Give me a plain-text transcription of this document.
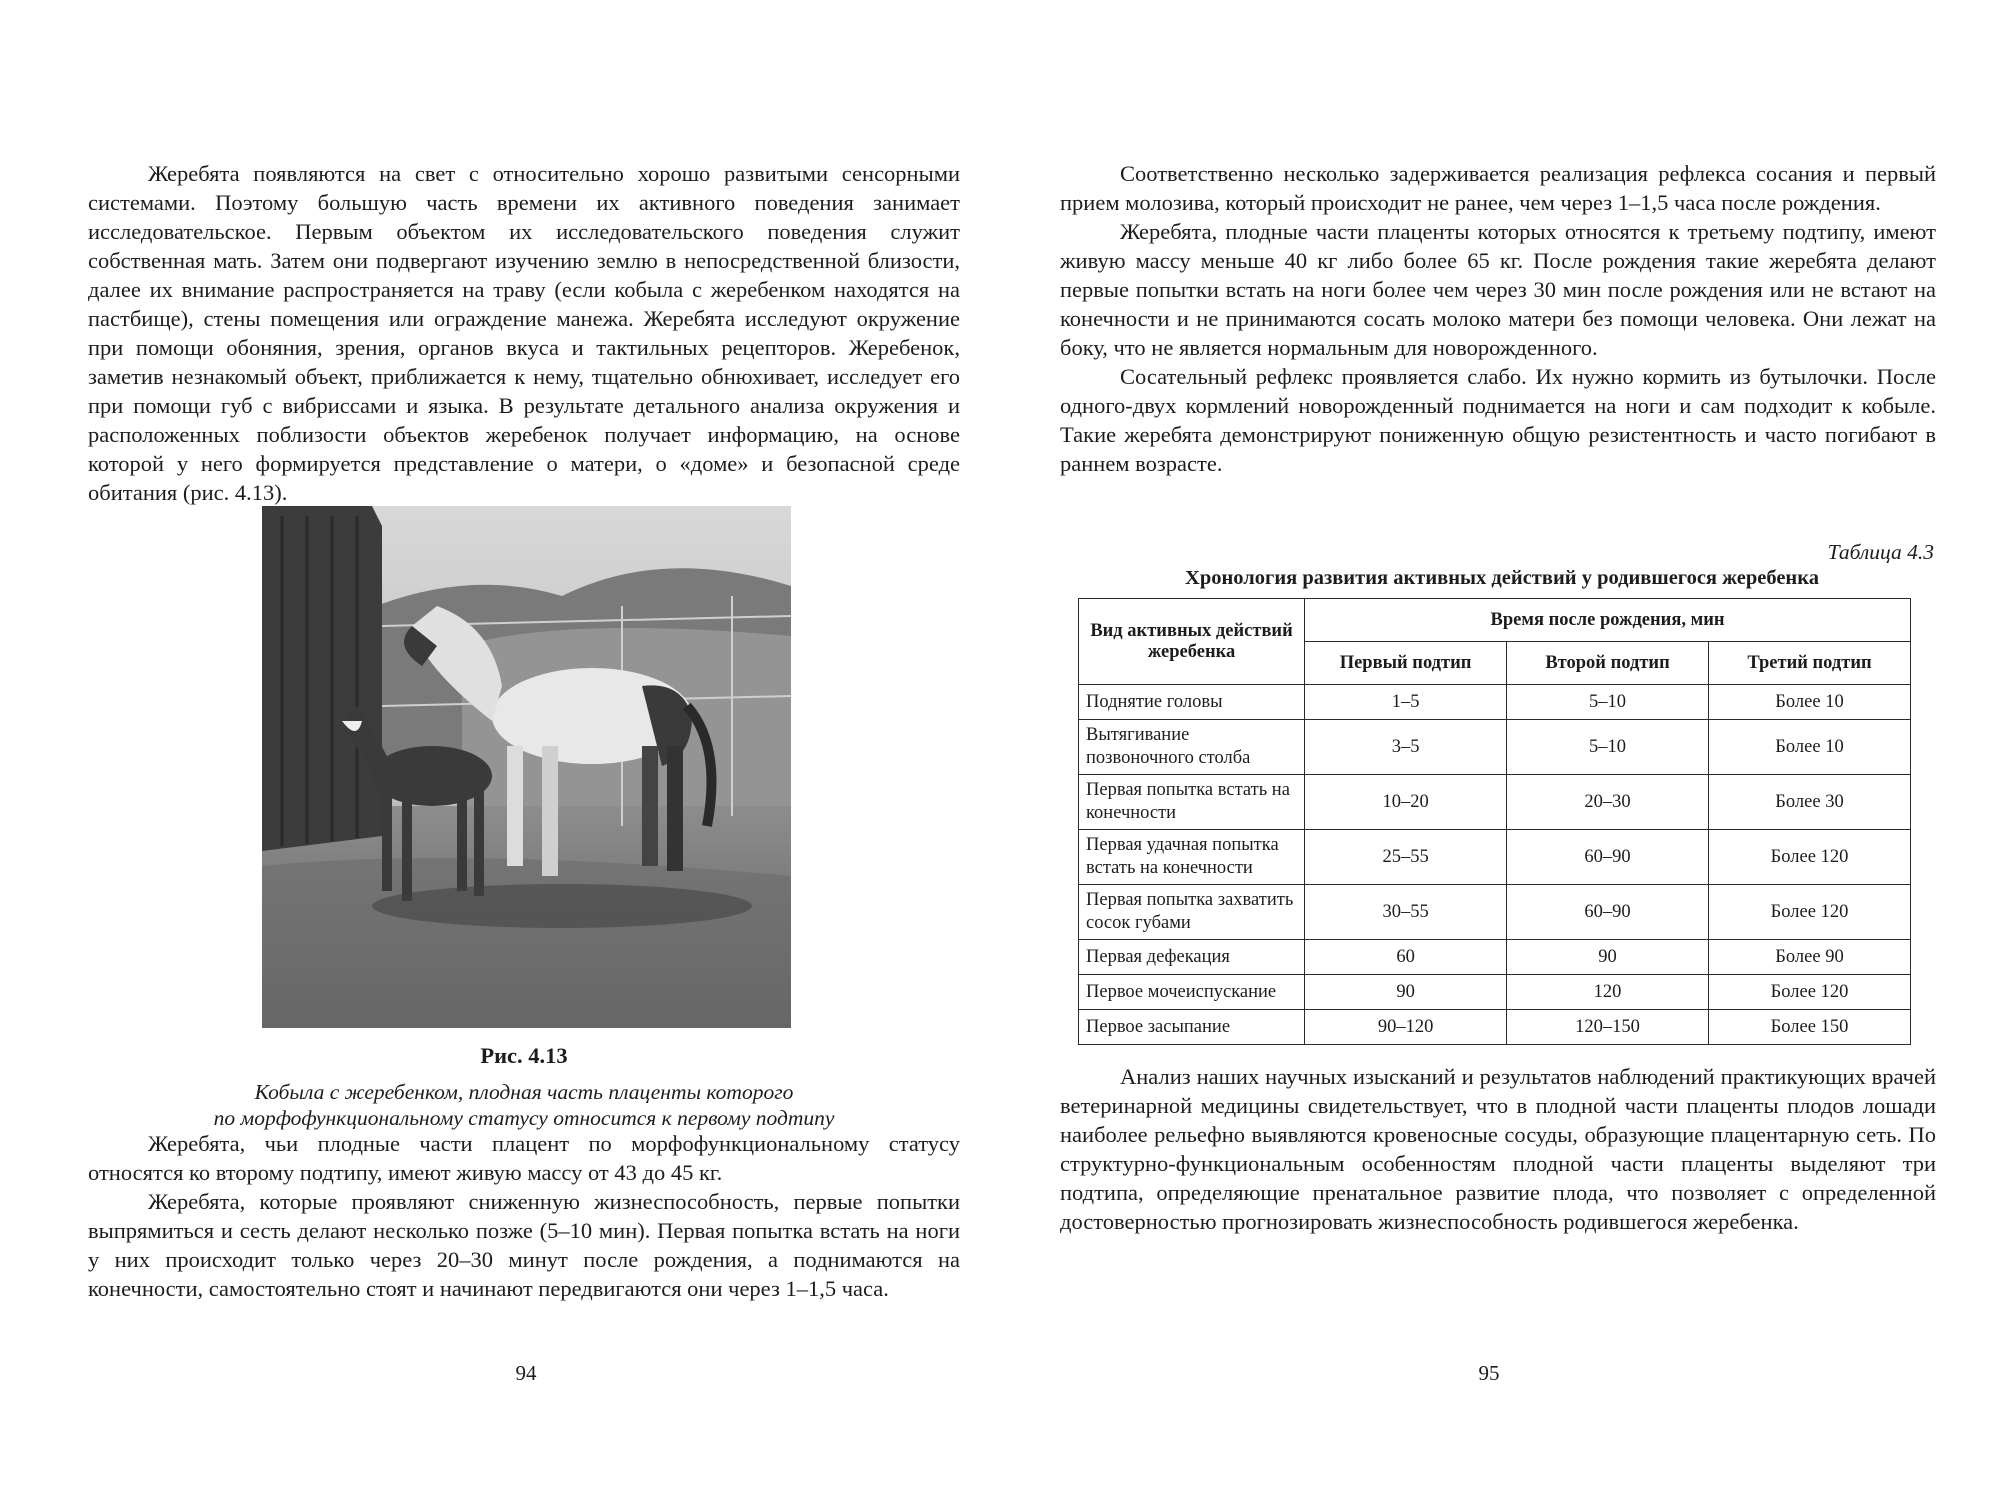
Жеребята появляются на свет с относительно хорошо развитыми сенсорными системами. Поэтому большую часть времени их активного поведения занимает исследовательское. Первым объектом их исследовательского поведения служит собственная мать. Затем они подвергают изучению землю в непосредственной близости, далее их внимание распространяется на траву (если кобыла с жеребенком находятся на пастбище), стены помещения или ограждение манежа. Жеребята исследуют окружение при помощи обоняния, зрения, органов вкуса и тактильных рецепторов. Жеребенок, заметив незнакомый объект, приближается к нему, тщательно обнюхивает, исследует его при помощи губ с вибриссами и языка. В результате детального анализа окружения и расположенных поблизости объектов жеребенок получает информацию, на основе которой у него формируется представление о матери, о «доме» и безопасной среде обитания (рис. 4.13).

Рис. 4.13

Кобыла с жеребенком, плодная часть плаценты которого
по морфофункциональному статусу относится к первому подтипу

Жеребята, чьи плодные части плацент по морфофункциональному статусу относятся ко второму подтипу, имеют живую массу от 43 до 45 кг.

Жеребята, которые проявляют сниженную жизнеспособность, первые попытки выпрямиться и сесть делают несколько позже (5–10 мин). Первая попытка встать на ноги у них происходит только через 20–30 минут после рождения, а поднимаются на конечности, самостоятельно стоят и начинают передвигаются они через 1–1,5 часа.

94

Соответственно несколько задерживается реализация рефлекса сосания и первый прием молозива, который происходит не ранее, чем через 1–1,5 часа после рождения.

Жеребята, плодные части плаценты которых относятся к третьему подтипу, имеют живую массу меньше 40 кг либо более 65 кг. После рождения такие жеребята делают первые попытки встать на ноги более чем через 30 мин после рождения или не встают на конечности и не принимаются сосать молоко матери без помощи человека. Они лежат на боку, что не является нормальным для новорожденного.

Сосательный рефлекс проявляется слабо. Их нужно кормить из бутылочки. После одного-двух кормлений новорожденный поднимается на ноги и сам подходит к кобыле. Такие жеребята демонстрируют пониженную общую резистентность и часто погибают в раннем возрасте.

Таблица 4.3

Хронология развития активных действий у родившегося жеребенка

Вид активных действий жеребенка	Время после рождения, мин		
	Первый подтип	Второй подтип	Третий подтип
Поднятие головы	1–5	5–10	Более 10
Вытягивание позвоночного столба	3–5	5–10	Более 10
Первая попытка встать на конечности	10–20	20–30	Более 30
Первая удачная попытка встать на конечности	25–55	60–90	Более 120
Первая попытка захватить сосок губами	30–55	60–90	Более 120
Первая дефекация	60	90	Более 90
Первое мочеиспускание	90	120	Более 120
Первое засыпание	90–120	120–150	Более 150

Анализ наших научных изысканий и результатов наблюдений практикующих врачей ветеринарной медицины свидетельствует, что в плодной части плаценты плодов лошади наиболее рельефно выявляются кровеносные сосуды, образующие плацентарную сеть. По структурно-функциональным особенностям плодной части плаценты выделяют три подтипа, определяющие пренатальное развитие плода, что позволяет с определенной достоверностью прогнозировать жизнеспособность родившегося жеребенка.

95
